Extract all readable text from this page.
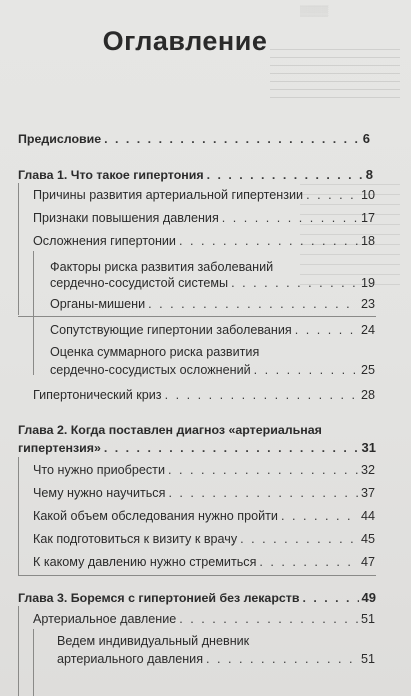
▒▒▒▒
Оглавление
Предисловие . . .	6
Глава 1. Что такое гипертония . . .	8
Причины развития артериальной гипертензии . . .	10
Признаки повышения давления . . .	17
Осложнения гипертонии . . .	18
Факторы риска развития заболеваний
сердечно-сосудистой системы . . .	19
Органы-мишени . . .	23
Сопутствующие гипертонии заболевания . . .	24
Оценка суммарного риска развития
сердечно-сосудистых осложнений . . .	25
Гипертонический криз . . .	28
Глава 2. Когда поставлен диагноз «артериальная
гипертензия» . . .	31
Что нужно приобрести . . .	32
Чему нужно научиться . . .	37
Какой объем обследования нужно пройти . . .	44
Как подготовиться к визиту к врачу . . .	45
К какому давлению нужно стремиться . . .	47
Глава 3. Боремся с гипертонией без лекарств . . .	49
Артериальное давление . . .	51
Ведем индивидуальный дневник
артериального давления . . .	51
